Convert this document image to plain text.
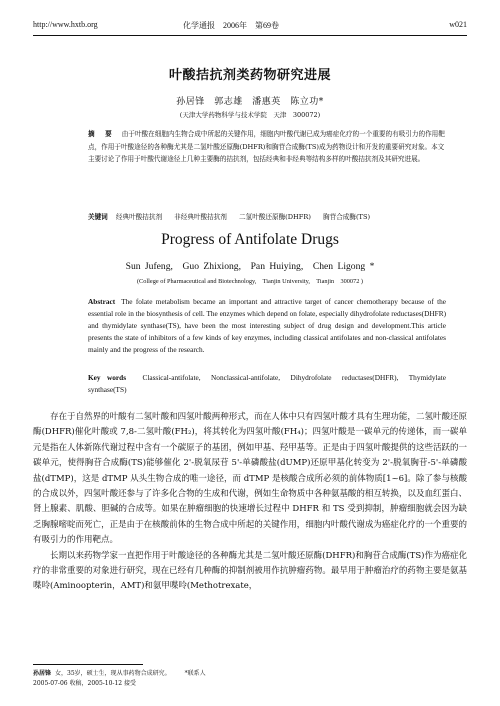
http://www.hxtb.org	化学通报　2006年　第69卷	w021
叶酸拮抗剂类药物研究进展
孙居锋　郭志雄　潘惠英　陈立功*
(天津大学药物科学与技术学院　天津　300072)
摘　要 由于叶酸在细胞内生物合成中所起的关键作用，细胞内叶酸代谢已成为癌症化疗的一个重要的有吸引力的作用靶点，作用于叶酸途径的各种酶尤其是二氢叶酸还原酶(DHFR)和胸苷合成酶(TS)成为药物设计和开发的重要研究对象。本文主要讨论了作用于叶酸代谢途径上几种主要酶的拮抗剂，包括经典和非经典等结构多样的叶酸拮抗剂及其研究进展。
关键词 经典叶酸拮抗剂 非经典叶酸拮抗剂 二氢叶酸还原酶(DHFR) 胸苷合成酶(TS)
Progress of Antifolate Drugs
Sun Jufeng,　Guo Zhixiong,　Pan Huiying,　Chen Ligong *
(College of Pharmaceutical and Biotechnology,　Tianjin University,　Tianjin　300072 )
Abstract The folate metabolism became an important and attractive target of cancer chemotherapy because of the essential role in the biosynthesis of cell. The enzymes which depend on folate, especially dihydrofolate reductases(DHFR) and thymidylate synthase(TS), have been the most interesting subject of drug design and development.This article presents the state of inhibitors of a few kinds of key enzymes, including classical antifolates and non-classical antifolates mainly and the progress of the research.
Key words Classical-antifolate, Nonclassical-antifolate, Dihydrofolate reductases(DHFR), Thymidylate synthase(TS)

存在于自然界的叶酸有二氢叶酸和四氢叶酸两种形式，而在人体中只有四氢叶酸才具有生理功能，二氢叶酸还原酶(DHFR)催化叶酸或 7,8-二氢叶酸(FH₂)，将其转化为四氢叶酸(FH₄)；四氢叶酸是一碳单元的传递体，而一碳单元是指在人体新陈代谢过程中含有一个碳原子的基团，例如甲基、羟甲基等。正是由于四氢叶酸提供的这些活跃的一碳单元，使得胸苷合成酶(TS)能够催化 2'-脱氧尿苷 5'-单磷酸盐(dUMP)还原甲基化转变为 2'-脱氧胸苷-5'-单磷酸盐(dTMP)，这是 dTMP 从头生物合成的唯一途径，而 dTMP 是核酸合成所必须的前体物质[1~6]。除了参与核酸的合成以外，四氢叶酸还参与了许多化合物的生成和代谢，例如生命物质中各种氨基酸的相互转换，以及血红蛋白、肾上腺素、肌酸、胆碱的合成等。如果在肿瘤细胞的快速增长过程中 DHFR 和 TS 受到抑制，肿瘤细胞就会因为缺乏胸腺嘧啶而死亡，正是由于在核酸前体的生物合成中所起的关键作用，细胞内叶酸代谢成为癌症化疗的一个重要的有吸引力的作用靶点。

长期以来药物学家一直把作用于叶酸途径的各种酶尤其是二氢叶酸还原酶(DHFR)和胸苷合成酶(TS)作为癌症化疗的非常重要的对象进行研究，现在已经有几种酶的抑制剂被用作抗肿瘤药物。最早用于肿瘤治疗的药物主要是氨基喋呤(Aminoopterin，AMT)和氨甲喋呤(Methotrexate，

孙居锋 女，35岁，硕士生，现从事药物合成研究。 *联系人
2005-07-06 收稿，2005-10-12 接受
